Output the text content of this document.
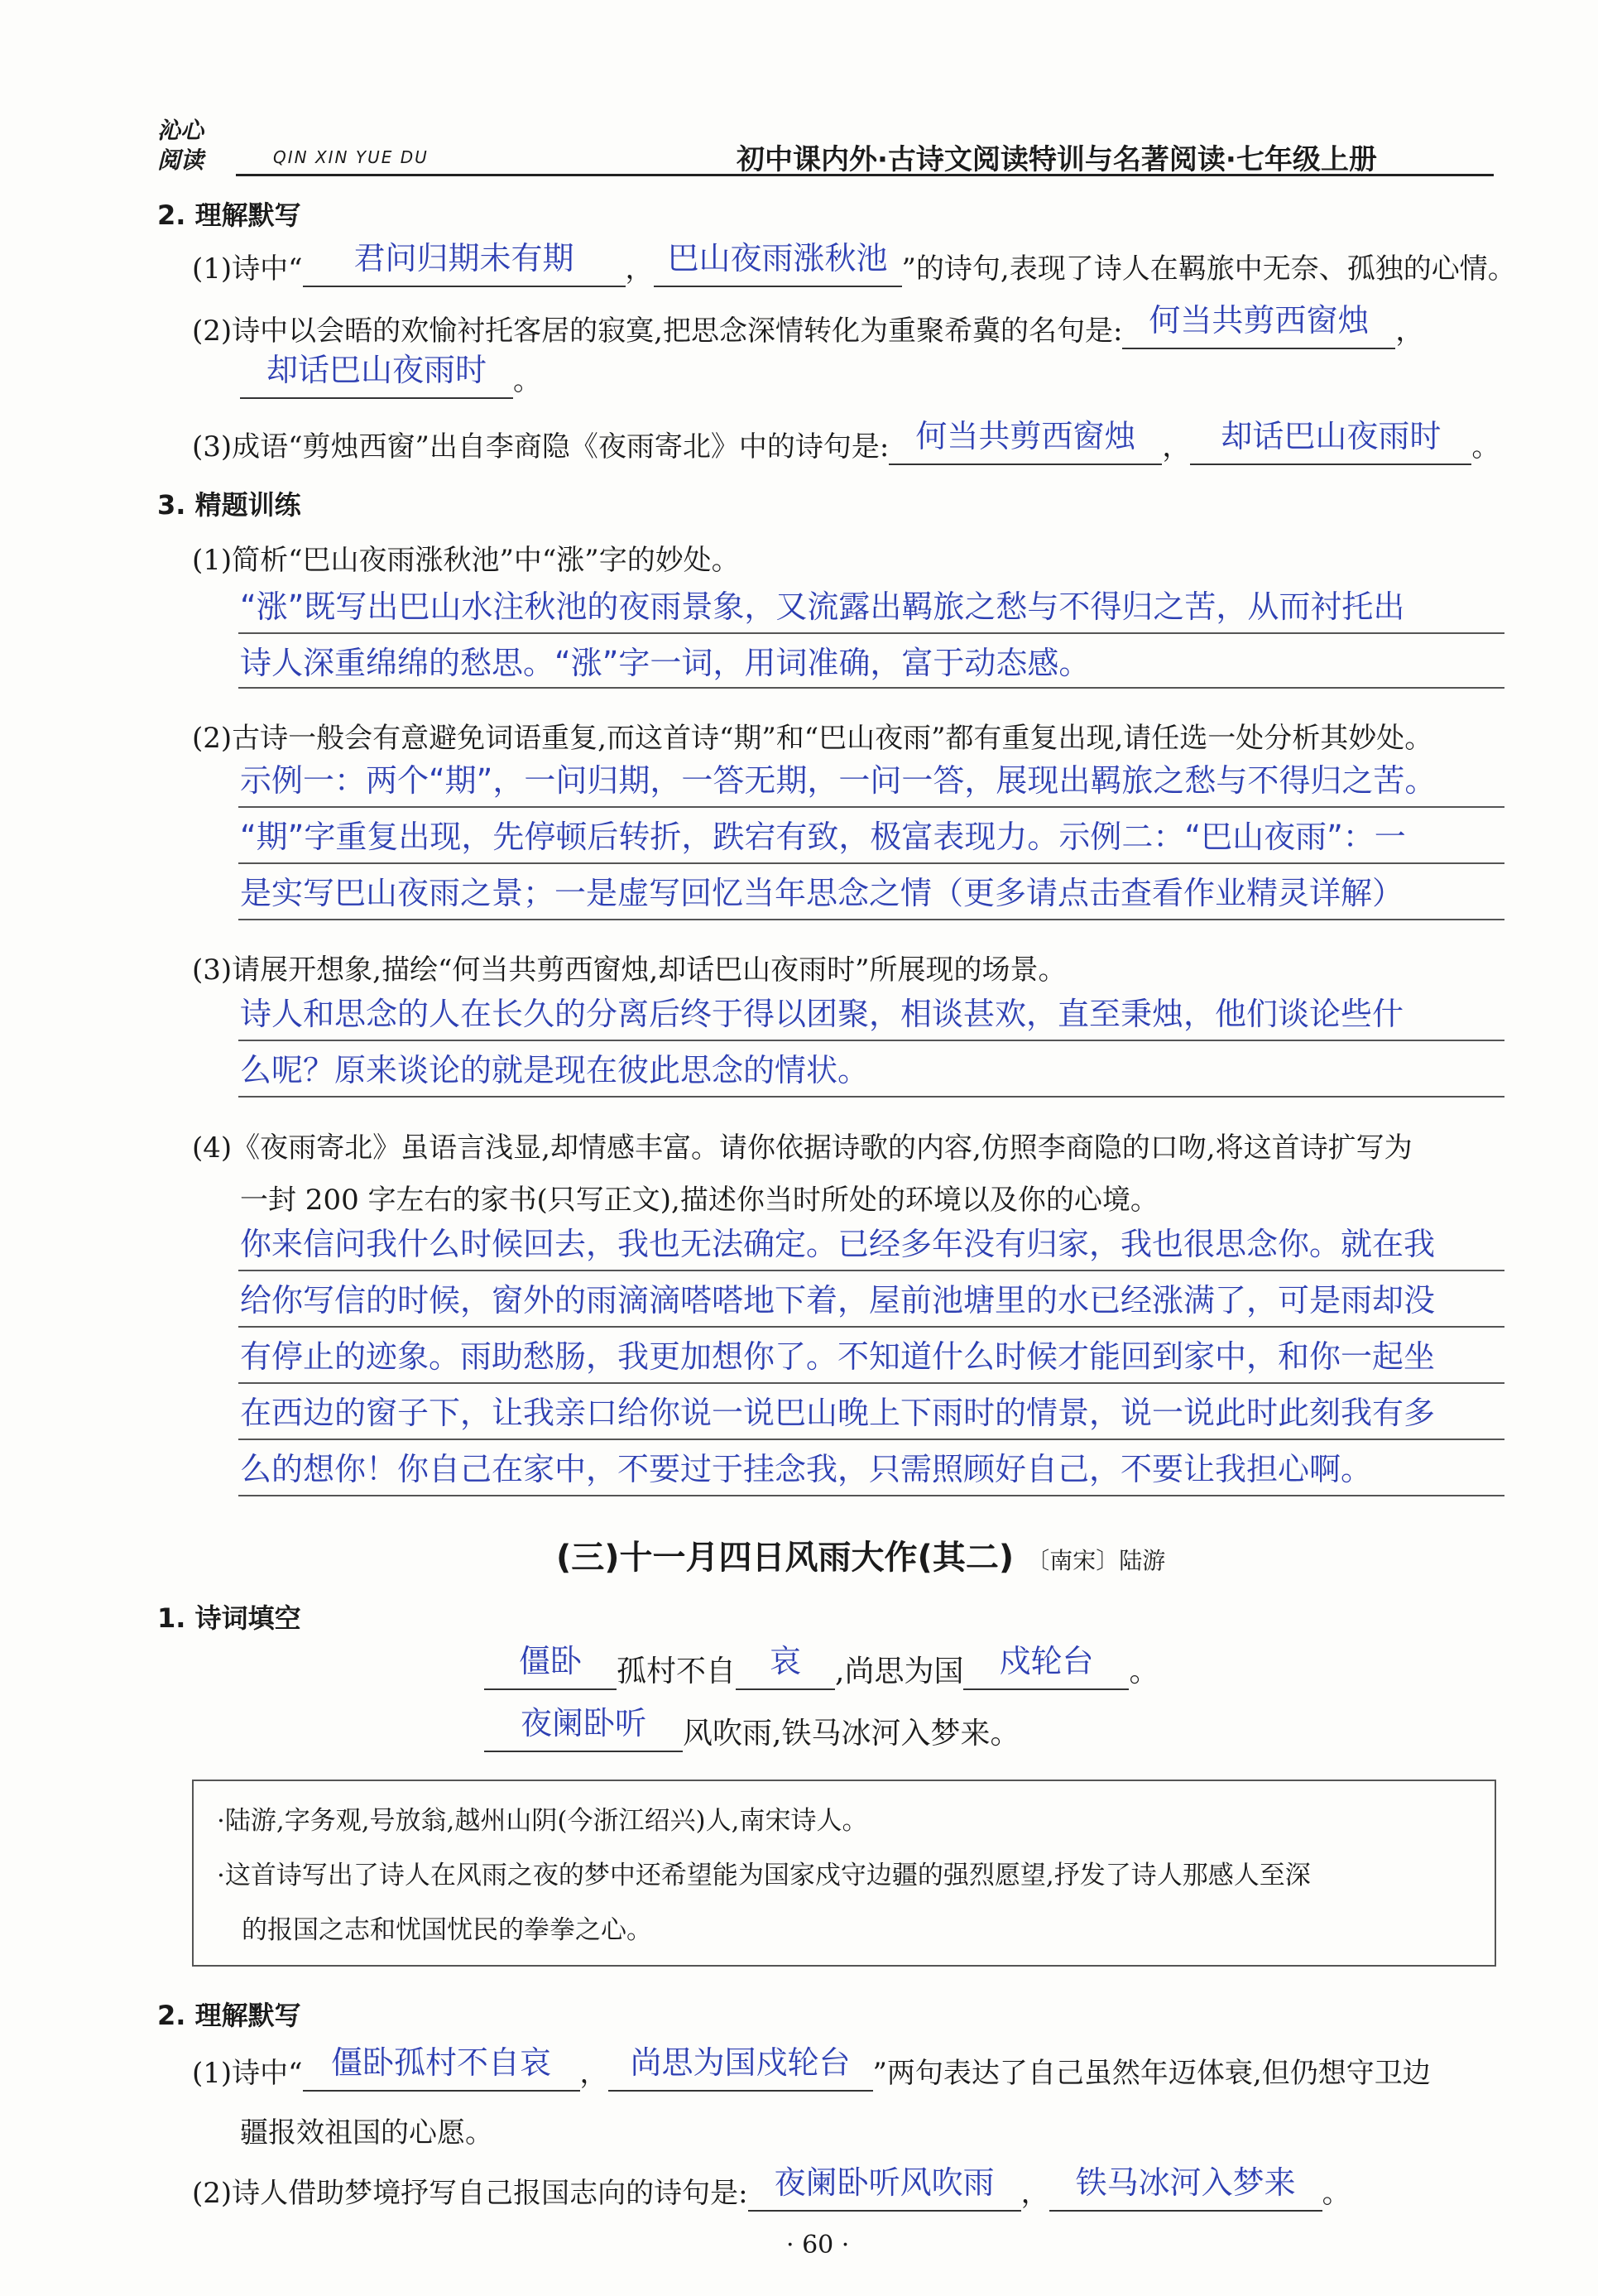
沁心阅读	QIN XIN YUE DU	初中课内外·古诗文阅读特训与名著阅读·七年级上册
2. 理解默写
(1)诗中“ 君问归期未有期 ， 巴山夜雨涨秋池 ”的诗句,表现了诗人在羁旅中无奈、孤独的心情。
(2)诗中以会晤的欢愉衬托客居的寂寞,把思念深情转化为重聚希冀的名句是: 何当共剪西窗烛 ，
却话巴山夜雨时 。
(3)成语“剪烛西窗”出自李商隐《夜雨寄北》中的诗句是: 何当共剪西窗烛 ， 却话巴山夜雨时 。
3. 精题训练
(1)简析“巴山夜雨涨秋池”中“涨”字的妙处。
“涨”既写出巴山水注秋池的夜雨景象，又流露出羁旅之愁与不得归之苦，从而衬托出
诗人深重绵绵的愁思。“涨”字一词，用词准确，富于动态感。
(2)古诗一般会有意避免词语重复,而这首诗“期”和“巴山夜雨”都有重复出现,请任选一处分析其妙处。
示例一：两个“期”，一问归期，一答无期，一问一答，展现出羁旅之愁与不得归之苦。
“期”字重复出现，先停顿后转折，跌宕有致，极富表现力。示例二：“巴山夜雨”：一
是实写巴山夜雨之景；一是虚写回忆当年思念之情（更多请点击查看作业精灵详解）
(3)请展开想象,描绘“何当共剪西窗烛,却话巴山夜雨时”所展现的场景。
诗人和思念的人在长久的分离后终于得以团聚，相谈甚欢，直至秉烛，他们谈论些什
么呢？原来谈论的就是现在彼此思念的情状。
(4)《夜雨寄北》虽语言浅显,却情感丰富。请你依据诗歌的内容,仿照李商隐的口吻,将这首诗扩写为
一封 200 字左右的家书(只写正文),描述你当时所处的环境以及你的心境。
你来信问我什么时候回去，我也无法确定。已经多年没有归家，我也很思念你。就在我
给你写信的时候，窗外的雨滴滴嗒嗒地下着，屋前池塘里的水已经涨满了，可是雨却没
有停止的迹象。雨助愁肠，我更加想你了。不知道什么时候才能回到家中，和你一起坐
在西边的窗子下，让我亲口给你说一说巴山晚上下雨时的情景，说一说此时此刻我有多
么的想你！你自己在家中，不要过于挂念我，只需照顾好自己，不要让我担心啊。
(三)十一月四日风雨大作(其二) 〔南宋〕陆游
1. 诗词填空
僵卧 孤村不自 哀 ,尚思为国 戍轮台 。
夜阑卧听 风吹雨,铁马冰河入梦来。
·陆游,字务观,号放翁,越州山阴(今浙江绍兴)人,南宋诗人。
·这首诗写出了诗人在风雨之夜的梦中还希望能为国家戍守边疆的强烈愿望,抒发了诗人那感人至深
的报国之志和忧国忧民的拳拳之心。
2. 理解默写
(1)诗中“ 僵卧孤村不自哀 ， 尚思为国戍轮台 ”两句表达了自己虽然年迈体衰,但仍想守卫边
疆报效祖国的心愿。
(2)诗人借助梦境抒写自己报国志向的诗句是: 夜阑卧听风吹雨 ， 铁马冰河入梦来 。
· 60 ·
